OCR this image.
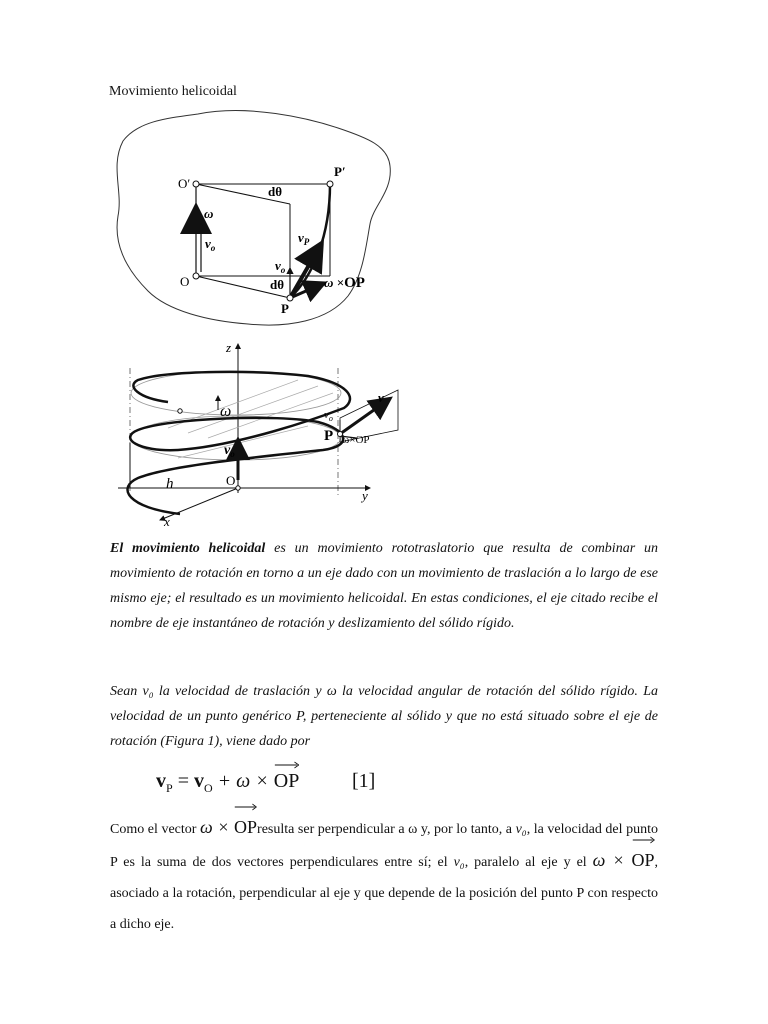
Movimiento helicoidal
O′
O
P′
P
dθ
dθ
ω
$v_o$
$v_P$
$v_o$
ω ×OP
z
y
x
h	O
P
ω
$v_o$
v
$v_o$
ω×OP
El movimiento helicoidal es un movimiento rototraslatorio que resulta de combinar un movimiento de rotación en torno a un eje dado con un movimiento de traslación a lo largo de ese mismo eje; el resultado es un movimiento helicoidal. En estas condiciones, el eje citado recibe el nombre de eje instantáneo de rotación y deslizamiento del sólido rígido.
Sean v₀ la velocidad de traslación y ω la velocidad angular de rotación del sólido rígido. La velocidad de un punto genérico P, perteneciente al sólido y que no está situado sobre el eje de rotación (Figura 1), viene dado por
$v_P = v_O + \omega$ ×
OP	[1]
Como el vector ω ×
OPresulta ser perpendicular a ω y, por lo tanto, a v₀, la velocidad del punto P es la suma de dos vectores perpendiculares entre sí; el v₀, paralelo al eje y el ω ×
OP, asociado a la rotación, perpendicular al eje y que depende de la posición del punto P con respecto a dicho eje.
